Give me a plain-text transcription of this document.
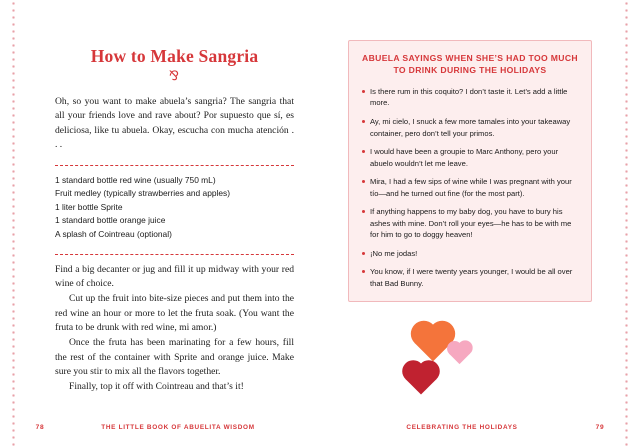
How to Make Sangria
⅋

Oh, so you want to make abuela’s sangria? The sangria that all your friends love and rave about? Por supuesto que sí, es deliciosa, like tu abuela. Okay, escucha con mucha atención . . .

1 standard bottle red wine (usually 750 mL)
Fruit medley (typically strawberries and apples)
1 liter bottle Sprite
1 standard bottle orange juice
A splash of Cointreau (optional)

Find a big decanter or jug and fill it up midway with your red wine of choice.

Cut up the fruit into bite-size pieces and put them into the red wine an hour or more to let the fruta soak. (You want the fruta to be drunk with red wine, mi amor.)

Once the fruta has been marinating for a few hours, fill the rest of the container with Sprite and orange juice. Make sure you stir to mix all the flavors together.

Finally, top it off with Cointreau and that’s it!

78	THE LITTLE BOOK OF ABUELITA WISDOM
ABUELA SAYINGS WHEN SHE’S HAD TOO MUCH TO DRINK DURING THE HOLIDAYS
Is there rum in this coquito? I don’t taste it. Let’s add a little more.
Ay, mi cielo, I snuck a few more tamales into your takeaway container, pero don’t tell your primos.
I would have been a groupie to Marc Anthony, pero your abuelo wouldn’t let me leave.
Mira, I had a few sips of wine while I was pregnant with your tío—and he turned out fine (for the most part).
If anything happens to my baby dog, you have to bury his ashes with mine. Don’t roll your eyes—he has to be with me for him to go to doggy heaven!
¡No me jodas!
You know, if I were twenty years younger, I would be all over that Bad Bunny.
CELEBRATING THE HOLIDAYS	79
